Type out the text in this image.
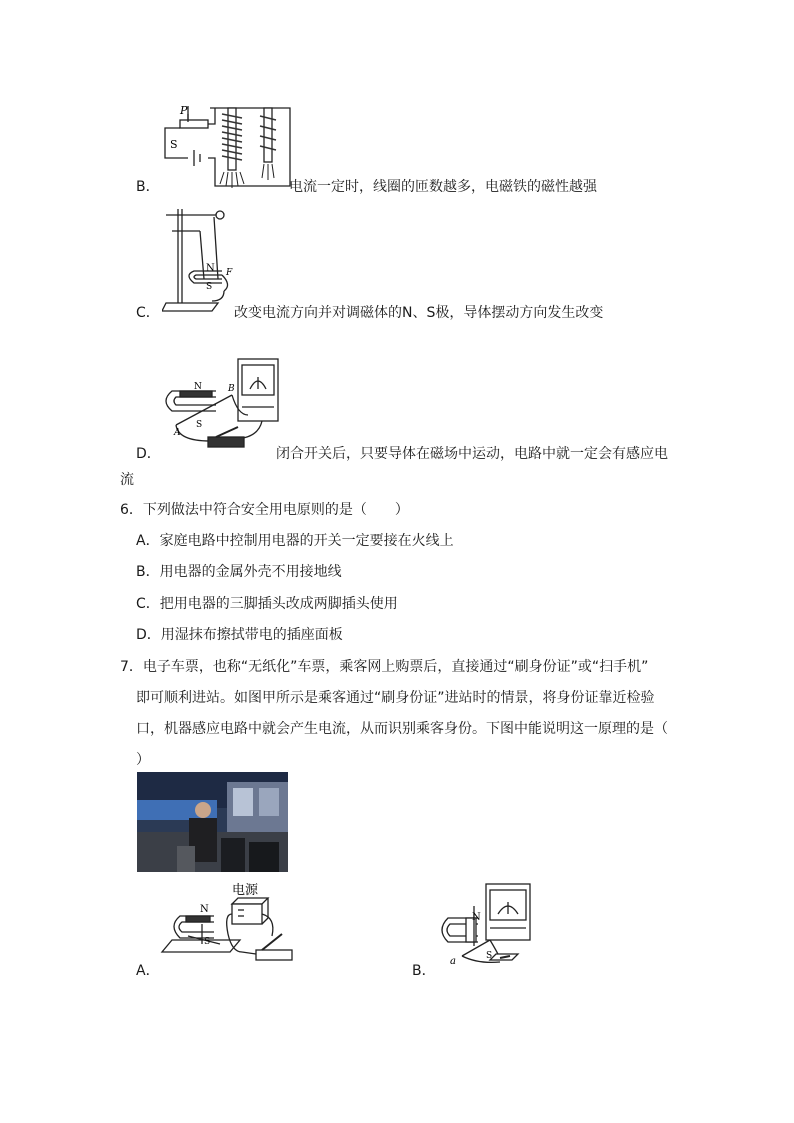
B．
P
S
电流一定时，线圈的匝数越多，电磁铁的磁性越强
C．
N F
S
改变电流方向并对调磁体的N、S极，导体摆动方向发生改变
D．
N
S
A
B
闭合开关后，只要导体在磁场中运动，电路中就一定会有感应电
流
6．下列做法中符合安全用电原则的是（　　）
A．家庭电路中控制用电器的开关一定要接在火线上
B．用电器的金属外壳不用接地线
C．把用电器的三脚插头改成两脚插头使用
D．用湿抹布擦拭带电的插座面板
7．电子车票，也称“无纸化”车票，乘客网上购票后，直接通过“刷身份证”或“扫手机”
即可顺利进站。如图甲所示是乘客通过“刷身份证”进站时的情景，将身份证靠近检验
口，机器感应电路中就会产生电流，从而识别乘客身份。下图中能说明这一原理的是（
）
A．
电源
N
S
B．
N
S
a
